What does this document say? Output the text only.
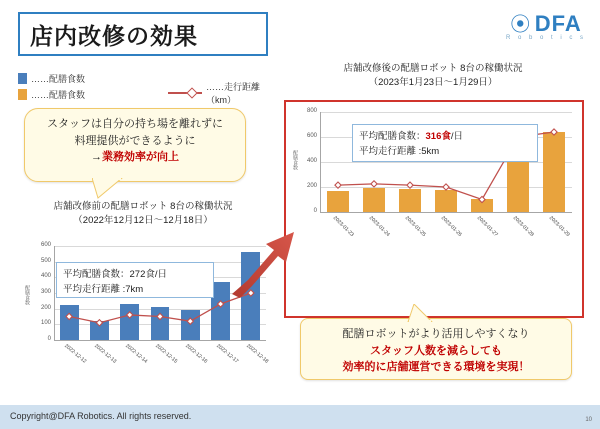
店内改修の効果	⦿ DFA
R o b o t i c s
……配膳食数
……配膳食数
……走行距離（km）
店舗改修後の配膳ロボット 8台の稼働状況
（2023年1月23日～1月29日）
0
200
400
600
800
2023-01-23 2023-01-24 2023-01-25 2023-01-26 2023-01-27 2023-01-28 2023-01-29
配膳食数
平均配膳食数：316食/日
平均走行距離 :5km
店舗改修前の配膳ロボット 8台の稼働状況
（2022年12月12日～12月18日）
0
100
200
300
400
500
600
2022-12-12 2022-12-13 2022-12-14 2022-12-15 2022-12-16 2022-12-17 2022-12-18
配膳食数
平均配膳食数：272食/日
平均走行距離 :7km
スタッフは自分の持ち場を離れずに
料理提供ができるように
→業務効率が向上
配膳ロボットがより活用しやすくなり
スタッフ人数を減らしても
効率的に店舗運営できる環境を実現！
Copyright@DFA Robotics. All rights reserved.	10
